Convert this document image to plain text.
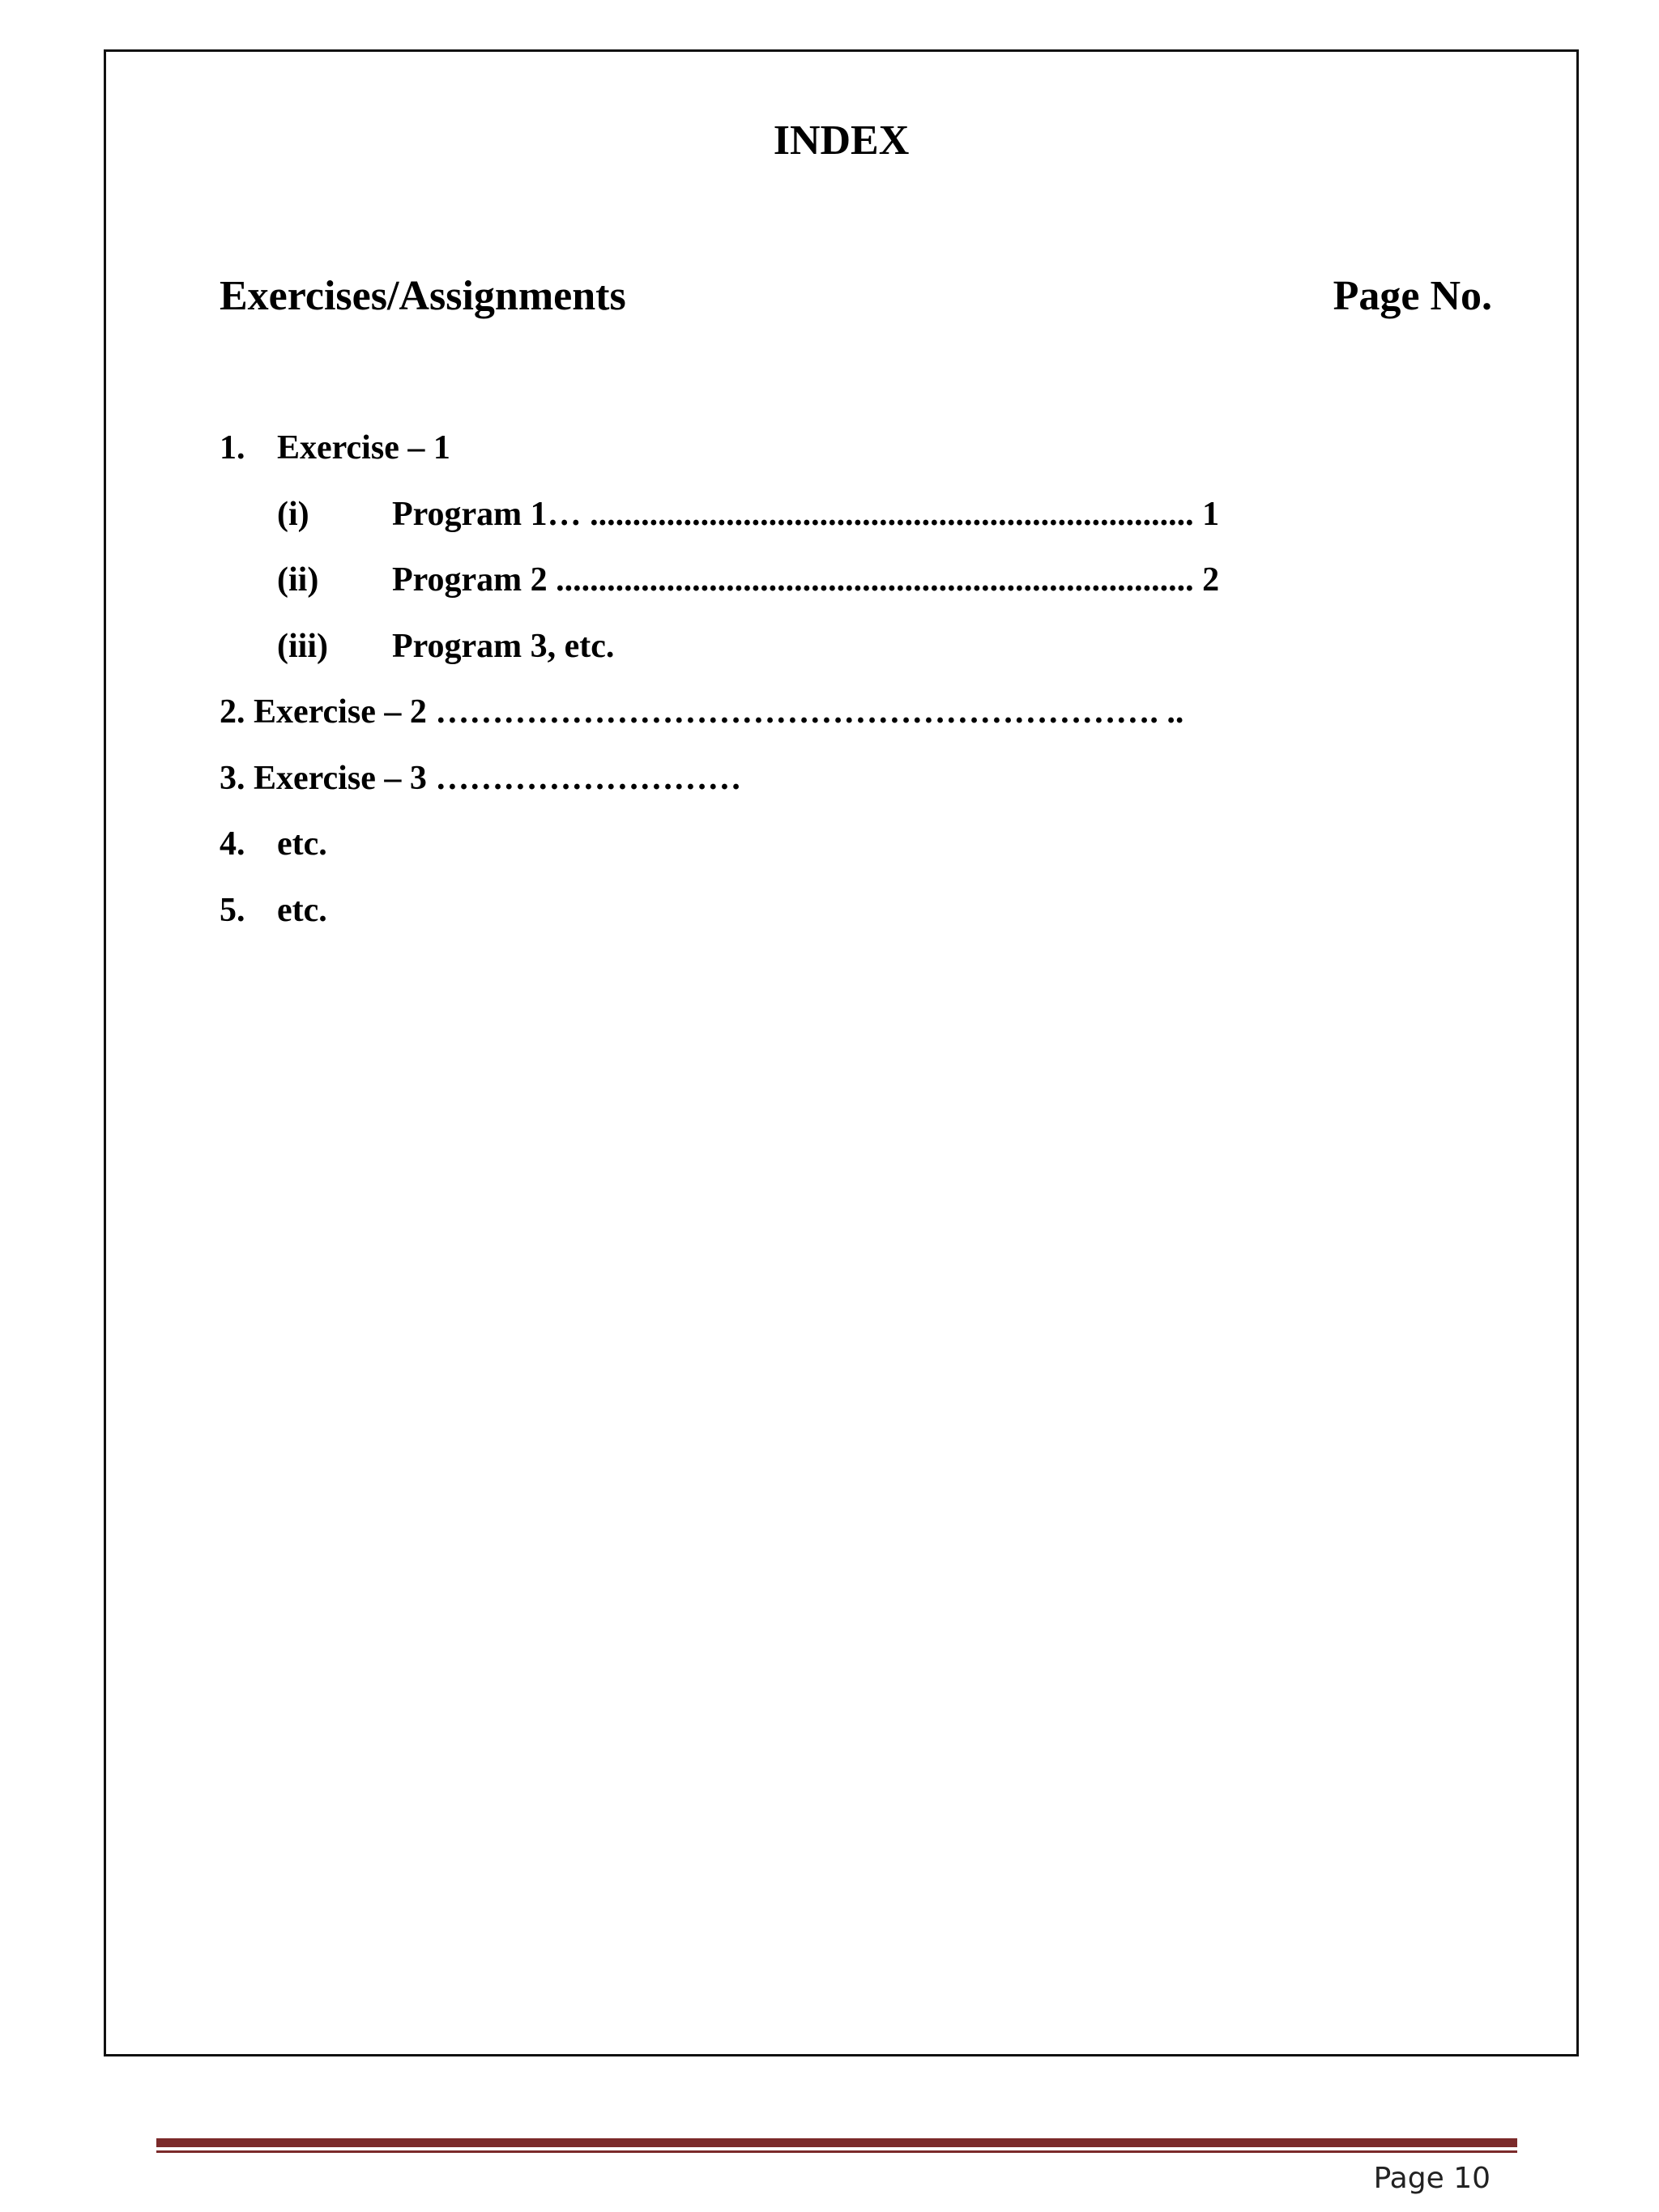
INDEX
Exercises/Assignments	Page No.
1. Exercise – 1
(i) Program 1… ....................................................................... 1
(ii) Program 2 ........................................................................... 2
(iii) Program 3, etc.
2. Exercise – 2 ………………………………………………………. ..
3. Exercise – 3 ………………………
4. etc.
5. etc.
Page 10
